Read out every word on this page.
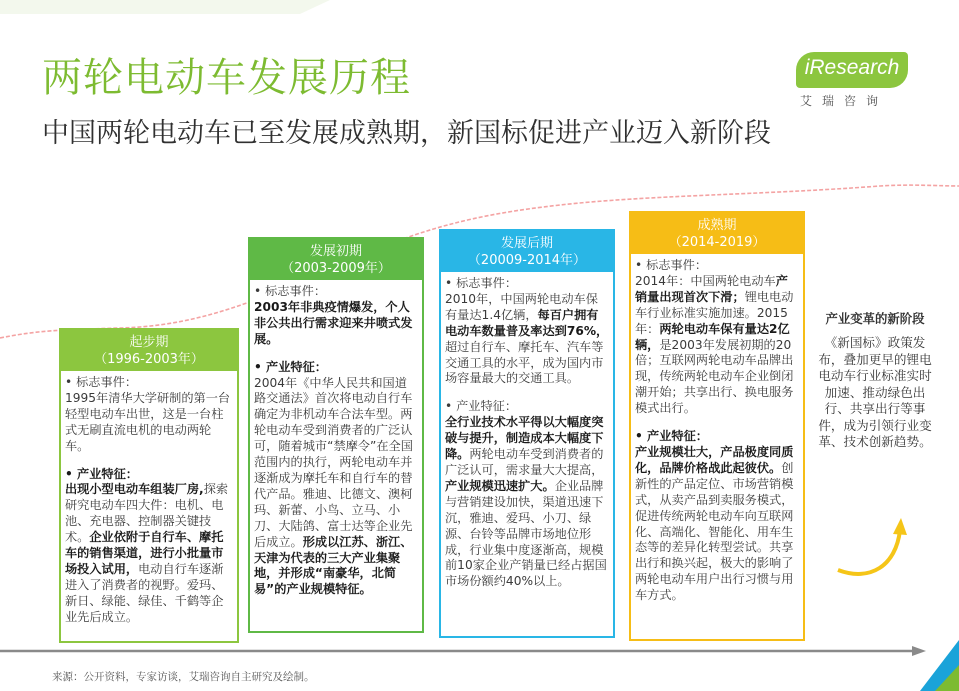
两轮电动车发展历程
中国两轮电动车已至发展成熟期，新国标促进产业迈入新阶段
iResearch
艾瑞咨询
起步期
（1996-2003年）

• 标志事件：

1995年清华大学研制的第一台轻型电动车出世，这是一台柱式无刷直流电机的电动两轮车。

• 产业特征：

出现小型电动车组装厂房,探索研究电动车四大件：电机、电池、充电器、控制器关键技术。企业依附于自行车、摩托车的销售渠道，进行小批量市场投入试用，电动自行车逐渐进入了消费者的视野。爱玛、新日、绿能、绿佳、千鹤等企业先后成立。

发展初期
（2003-2009年）

• 标志事件：

2003年非典疫情爆发，个人非公共出行需求迎来井喷式发展。

• 产业特征：

2004年《中华人民共和国道路交通法》首次将电动自行车确定为非机动车合法车型。两轮电动车受到消费者的广泛认可，随着城市“禁摩令”在全国范围内的执行，两轮电动车并逐渐成为摩托车和自行车的替代产品。雅迪、比德文、澳柯玛、新蕾、小鸟、立马、小刀、大陆鸽、富士达等企业先后成立。形成以江苏、浙江、天津为代表的三大产业集聚地，并形成“南豪华，北简易”的产业规模特征。

发展后期
（20009-2014年）

• 标志事件：

2010年，中国两轮电动车保有量达1.4亿辆，每百户拥有电动车数量普及率达到76%，超过自行车、摩托车、汽车等交通工具的水平，成为国内市场容量最大的交通工具。

• 产业特征：

全行业技术水平得以大幅度突破与提升，制造成本大幅度下降。两轮电动车受到消费者的广泛认可，需求量大大提高，产业规模迅速扩大。企业品牌与营销建设加快，渠道迅速下沉，雅迪、爱玛、小刀、绿源、台铃等品牌市场地位形成，行业集中度逐渐高，规模前10家企业产销量已经占据国市场份额约40%以上。

成熟期
（2014-2019）

• 标志事件：

2014年：中国两轮电动车产销量出现首次下滑；锂电电动车行业标准实施加速。2015年：两轮电动车保有量达2亿辆，是2003年发展初期的20倍；互联网两轮电动车品牌出现，传统两轮电动车企业倒闭潮开始；共享出行、换电服务模式出行。

• 产业特征：

产业规模壮大，产品极度同质化，品牌价格战此起彼伏。创新性的产品定位、市场营销模式，从卖产品到卖服务模式，促进传统两轮电动车向互联网化、高端化、智能化、用车生态等的差异化转型尝试。共享出行和换兴起，极大的影响了两轮电动车用户出行习惯与用车方式。

产业变革的新阶段
《新国标》政策发布，叠加更早的锂电电动车行业标准实时加速、推动绿色出行、共享出行等事件，成为引领行业变革、技术创新趋势。
来源：公开资料，专家访谈，艾瑞咨询自主研究及绘制。
